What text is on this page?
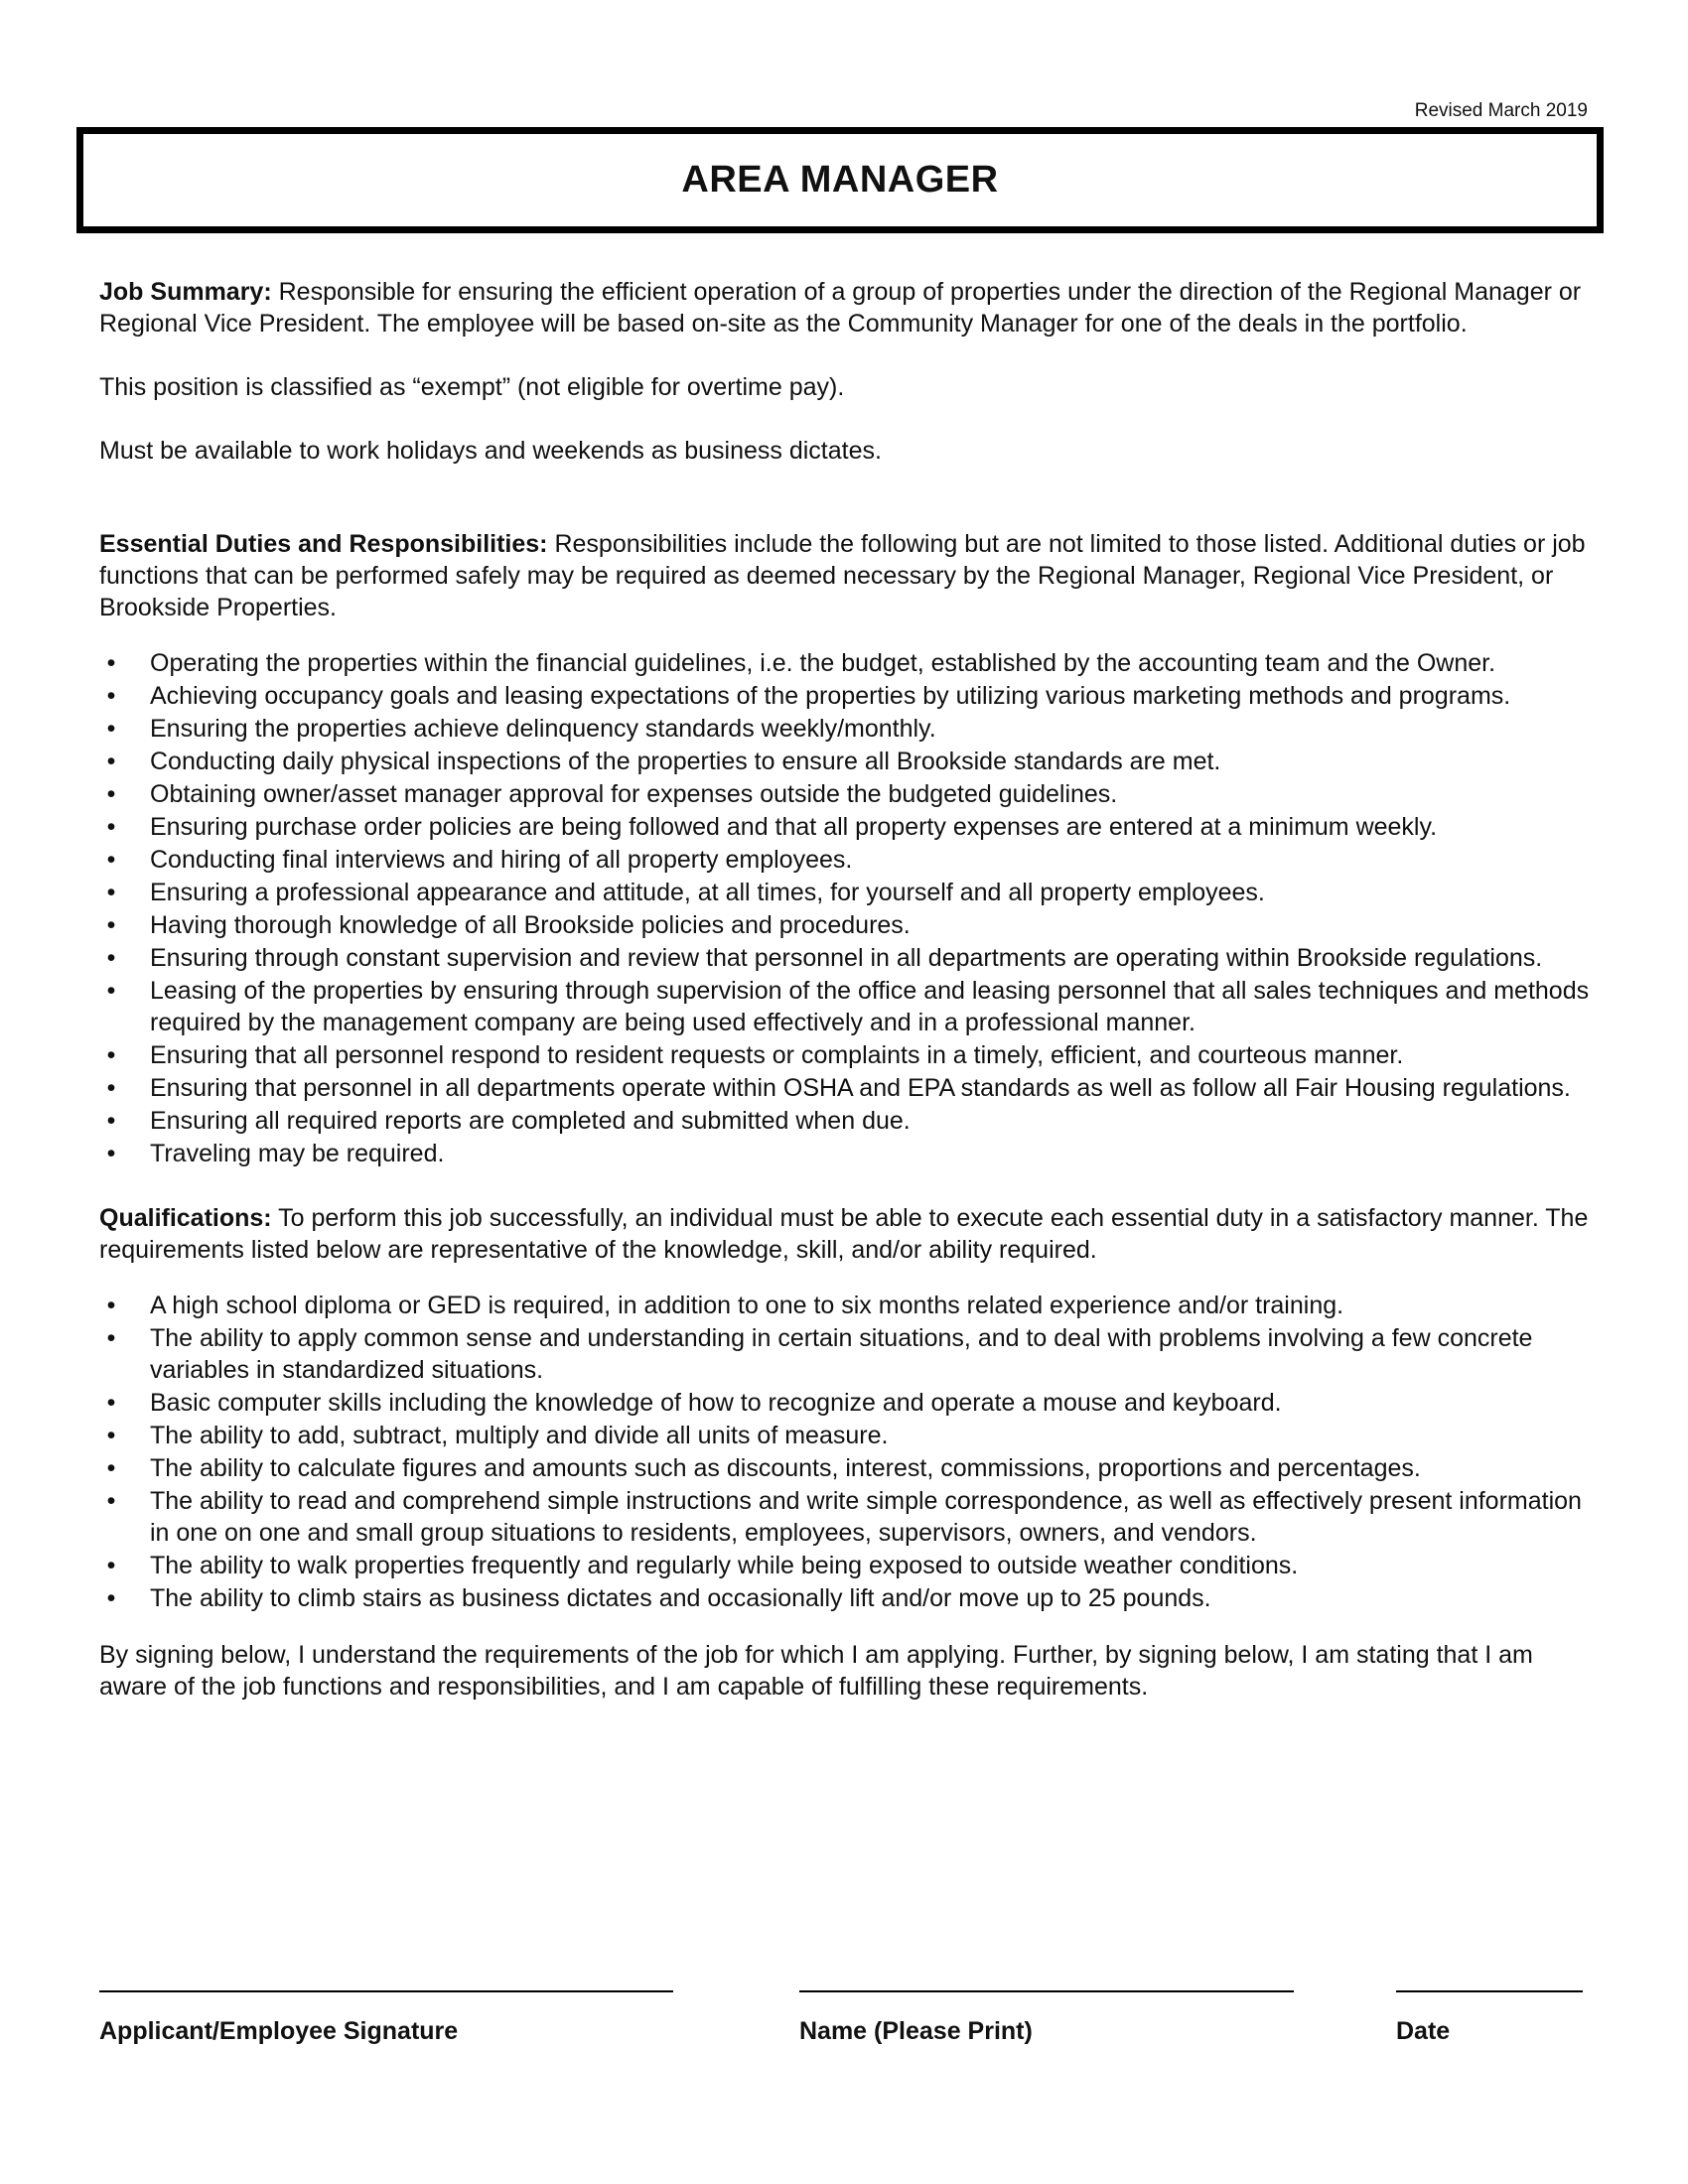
Revised March 2019
AREA MANAGER

Job Summary: Responsible for ensuring the efficient operation of a group of properties under the direction of the Regional Manager or Regional Vice President. The employee will be based on-site as the Community Manager for one of the deals in the portfolio.

This position is classified as “exempt” (not eligible for overtime pay).

Must be available to work holidays and weekends as business dictates.

Essential Duties and Responsibilities: Responsibilities include the following but are not limited to those listed. Additional duties or job functions that can be performed safely may be required as deemed necessary by the Regional Manager, Regional Vice President, or Brookside Properties.

• Operating the properties within the financial guidelines, i.e. the budget, established by the accounting team and the Owner.
• Achieving occupancy goals and leasing expectations of the properties by utilizing various marketing methods and programs.
• Ensuring the properties achieve delinquency standards weekly/monthly.
• Conducting daily physical inspections of the properties to ensure all Brookside standards are met.
• Obtaining owner/asset manager approval for expenses outside the budgeted guidelines.
• Ensuring purchase order policies are being followed and that all property expenses are entered at a minimum weekly.
• Conducting final interviews and hiring of all property employees.
• Ensuring a professional appearance and attitude, at all times, for yourself and all property employees.
• Having thorough knowledge of all Brookside policies and procedures.
• Ensuring through constant supervision and review that personnel in all departments are operating within Brookside regulations.
• Leasing of the properties by ensuring through supervision of the office and leasing personnel that all sales techniques and methods required by the management company are being used effectively and in a professional manner.
• Ensuring that all personnel respond to resident requests or complaints in a timely, efficient, and courteous manner.
• Ensuring that personnel in all departments operate within OSHA and EPA standards as well as follow all Fair Housing regulations.
• Ensuring all required reports are completed and submitted when due.
• Traveling may be required.

Qualifications: To perform this job successfully, an individual must be able to execute each essential duty in a satisfactory manner. The requirements listed below are representative of the knowledge, skill, and/or ability required.

• A high school diploma or GED is required, in addition to one to six months related experience and/or training.
• The ability to apply common sense and understanding in certain situations, and to deal with problems involving a few concrete variables in standardized situations.
• Basic computer skills including the knowledge of how to recognize and operate a mouse and keyboard.
• The ability to add, subtract, multiply and divide all units of measure.
• The ability to calculate figures and amounts such as discounts, interest, commissions, proportions and percentages.
• The ability to read and comprehend simple instructions and write simple correspondence, as well as effectively present information in one on one and small group situations to residents, employees, supervisors, owners, and vendors.
• The ability to walk properties frequently and regularly while being exposed to outside weather conditions.
• The ability to climb stairs as business dictates and occasionally lift and/or move up to 25 pounds.

By signing below, I understand the requirements of the job for which I am applying. Further, by signing below, I am stating that I am aware of the job functions and responsibilities, and I am capable of fulfilling these requirements.

Applicant/Employee Signature	Name (Please Print)	Date
